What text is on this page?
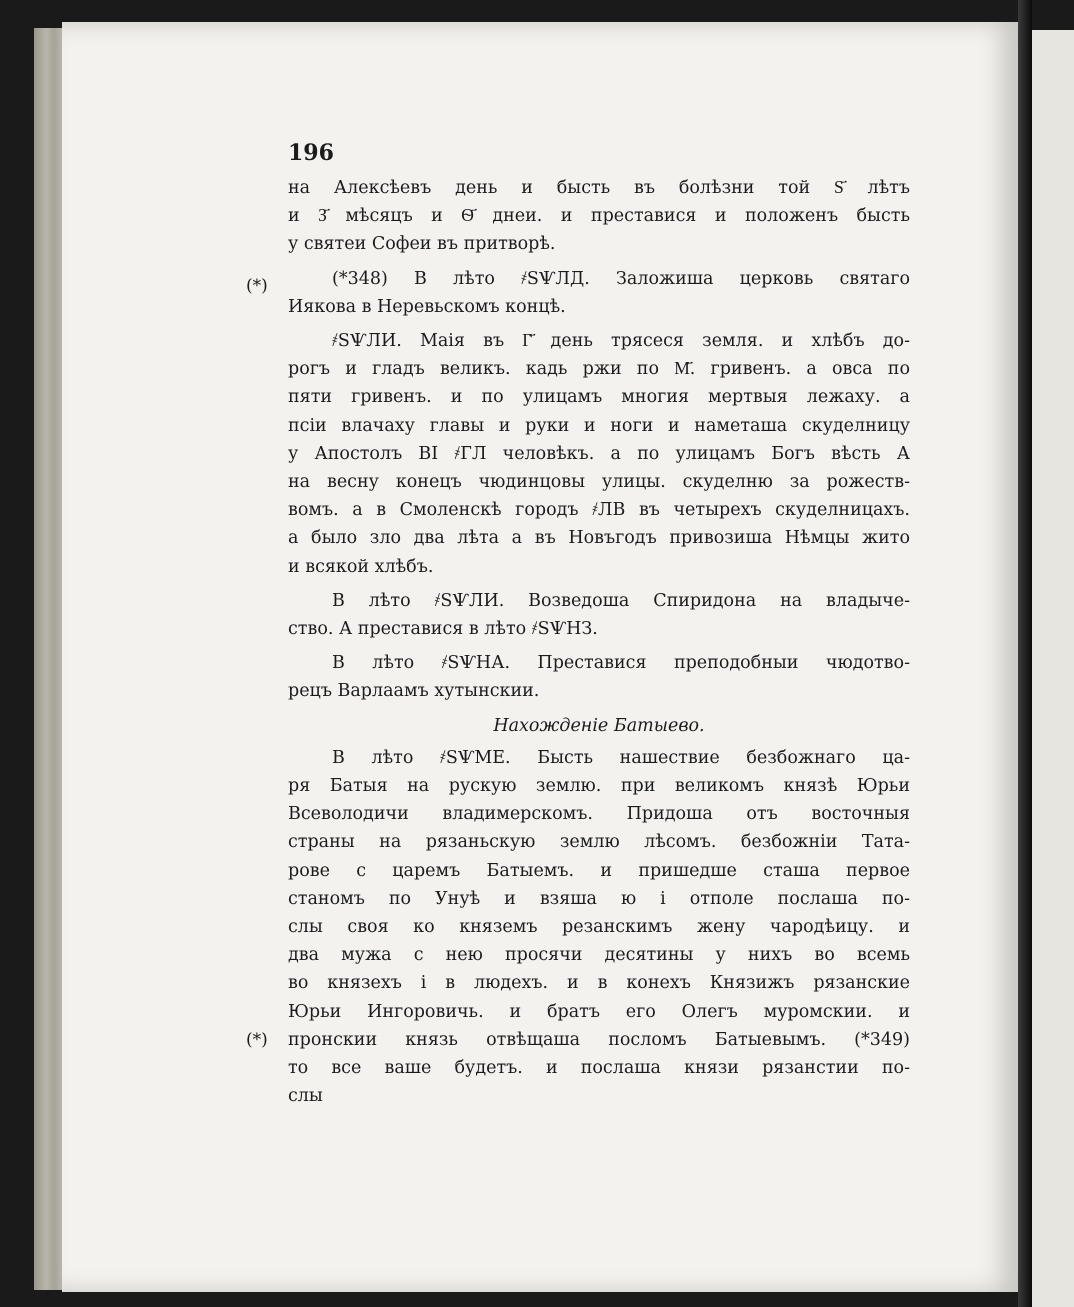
(*)
(*)
196
на Алексѣевъ день и бысть въ болѣзни той Ѕ҃ лѣтъ
и З҃ мѣсяцъ и Ѳ҃ днеи. и преставися и положенъ бысть
у святеи Софеи въ притворѣ.
(*348) В лѣто ҂ЅѰЛД. Заложиша церковь святаго
Иякова в Неревьскомъ концѣ.
҂ЅѰЛИ. Маія въ Г҃ день трясеся земля. и хлѣбъ до-
рогъ и гладъ великъ. кадь ржи по М҃. гривенъ. а овса по
пяти гривенъ. и по улицамъ многия мертвыя лежаху. а
псіи влачаху главы и руки и ноги и наметаша скуделницу
у Апостолъ ВІ ҂ГЛ человѣкъ. а по улицамъ Богъ вѣсть А
на весну конецъ чюдинцовы улицы. скуделню за рожеств-
вомъ. а в Смоленскѣ городъ ҂ЛВ въ четырехъ скуделницахъ.
а было зло два лѣта а въ Новъгодъ привозиша Нѣмцы жито
и всякой хлѣбъ.
В лѣто ҂ЅѰЛИ. Возведоша Спиридона на владыче-
ство. А преставися в лѣто ҂ЅѰНЗ.
В лѣто ҂ЅѰНА. Преставися преподобныи чюдотво-
рецъ Варлаамъ хутынскии.

Нахожденіе Батыево.

В лѣто ҂ЅѰМЕ. Бысть нашествие безбожнаго ца-
ря Батыя на рускую землю. при великомъ князѣ Юрьи
Всеволодичи владимерскомъ. Придоша отъ восточныя
страны на рязаньскую землю лѣсомъ. безбожніи Тата-
рове с царемъ Батыемъ. и пришедше сташа первое
станомъ по Унуѣ и взяша ю і отполе послаша по-
слы своя ко княземъ резанскимъ жену чародѣицу. и
два мужа с нею просячи десятины у нихъ во всемь
во князехъ і в людехъ. и в конехъ Князижъ рязанские
Юрьи Ингоровичь. и братъ его Олегъ муромскии. и
пронскии князь отвѣщаша посломъ Батыевымъ. (*349)
то все ваше будетъ. и послаша князи рязанстии по-
слы
